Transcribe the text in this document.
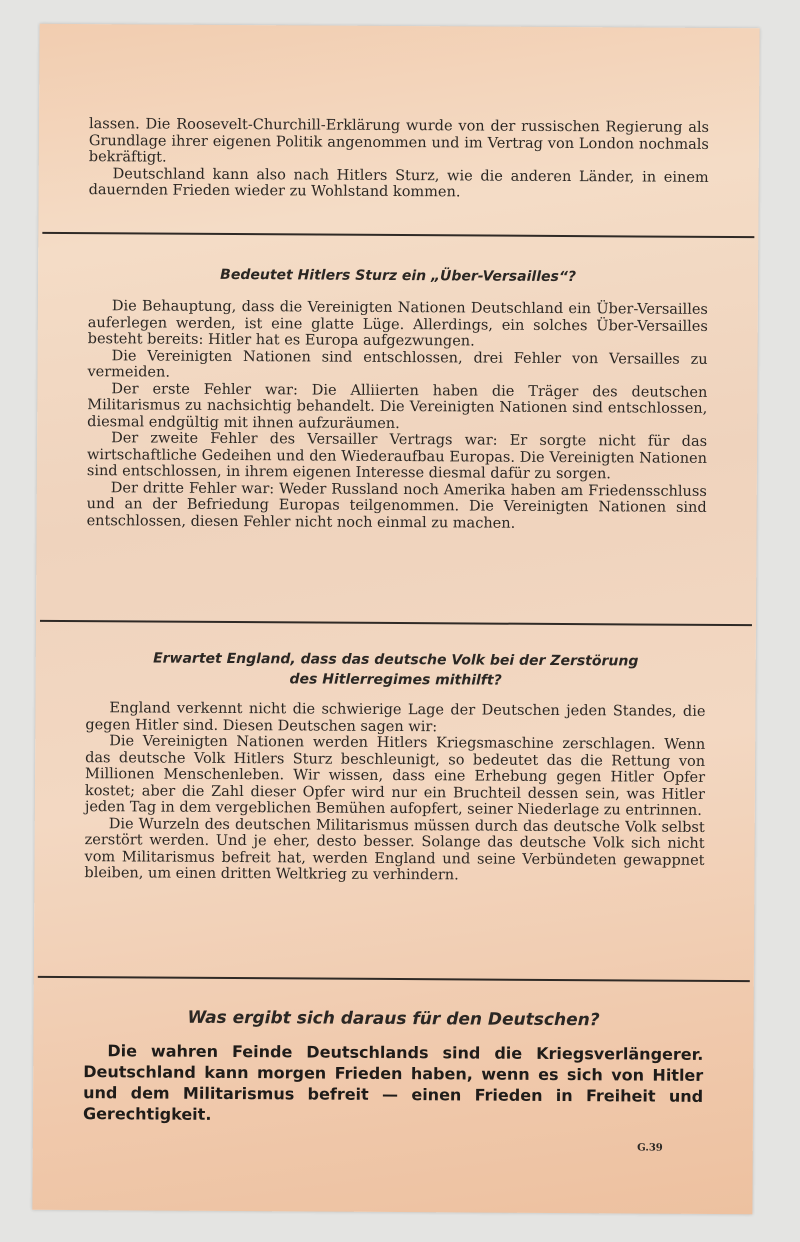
lassen. Die Roosevelt-Churchill-Erklärung wurde von der russischen Regierung als Grundlage ihrer eigenen Politik angenommen und im Vertrag von London nochmals bekräftigt.

Deutschland kann also nach Hitlers Sturz, wie die anderen Länder, in einem dauernden Frieden wieder zu Wohlstand kommen.

Bedeutet Hitlers Sturz ein „Über-Versailles“?

Die Behauptung, dass die Vereinigten Nationen Deutschland ein Über-Versailles auferlegen werden, ist eine glatte Lüge. Allerdings, ein solches Über-Versailles besteht bereits: Hitler hat es Europa aufgezwungen.

Die Vereinigten Nationen sind entschlossen, drei Fehler von Versailles zu vermeiden.

Der erste Fehler war: Die Alliierten haben die Träger des deutschen Militarismus zu nachsichtig behandelt. Die Vereinigten Nationen sind entschlossen, diesmal endgültig mit ihnen aufzuräumen.

Der zweite Fehler des Versailler Vertrags war: Er sorgte nicht für das wirtschaftliche Gedeihen und den Wiederaufbau Europas. Die Vereinigten Nationen sind entschlossen, in ihrem eigenen Interesse diesmal dafür zu sorgen.

Der dritte Fehler war: Weder Russland noch Amerika haben am Friedensschluss und an der Befriedung Europas teilgenommen. Die Vereinigten Nationen sind entschlossen, diesen Fehler nicht noch einmal zu machen.

Erwartet England, dass das deutsche Volk bei der Zerstörung
des Hitlerregimes mithilft?

England verkennt nicht die schwierige Lage der Deutschen jeden Standes, die gegen Hitler sind. Diesen Deutschen sagen wir:

Die Vereinigten Nationen werden Hitlers Kriegsmaschine zerschlagen. Wenn das deutsche Volk Hitlers Sturz beschleunigt, so bedeutet das die Rettung von Millionen Menschenleben. Wir wissen, dass eine Erhebung gegen Hitler Opfer kostet; aber die Zahl dieser Opfer wird nur ein Bruchteil dessen sein, was Hitler jeden Tag in dem vergeblichen Bemühen aufopfert, seiner Niederlage zu entrinnen.

Die Wurzeln des deutschen Militarismus müssen durch das deutsche Volk selbst zerstört werden. Und je eher, desto besser. Solange das deutsche Volk sich nicht vom Militarismus befreit hat, werden England und seine Verbündeten gewappnet bleiben, um einen dritten Weltkrieg zu verhindern.

Was ergibt sich daraus für den Deutschen?

Die wahren Feinde Deutschlands sind die Kriegsverlängerer. Deutschland kann morgen Frieden haben, wenn es sich von Hitler und dem Militarismus befreit — einen Frieden in Freiheit und Gerechtigkeit.

G.39
